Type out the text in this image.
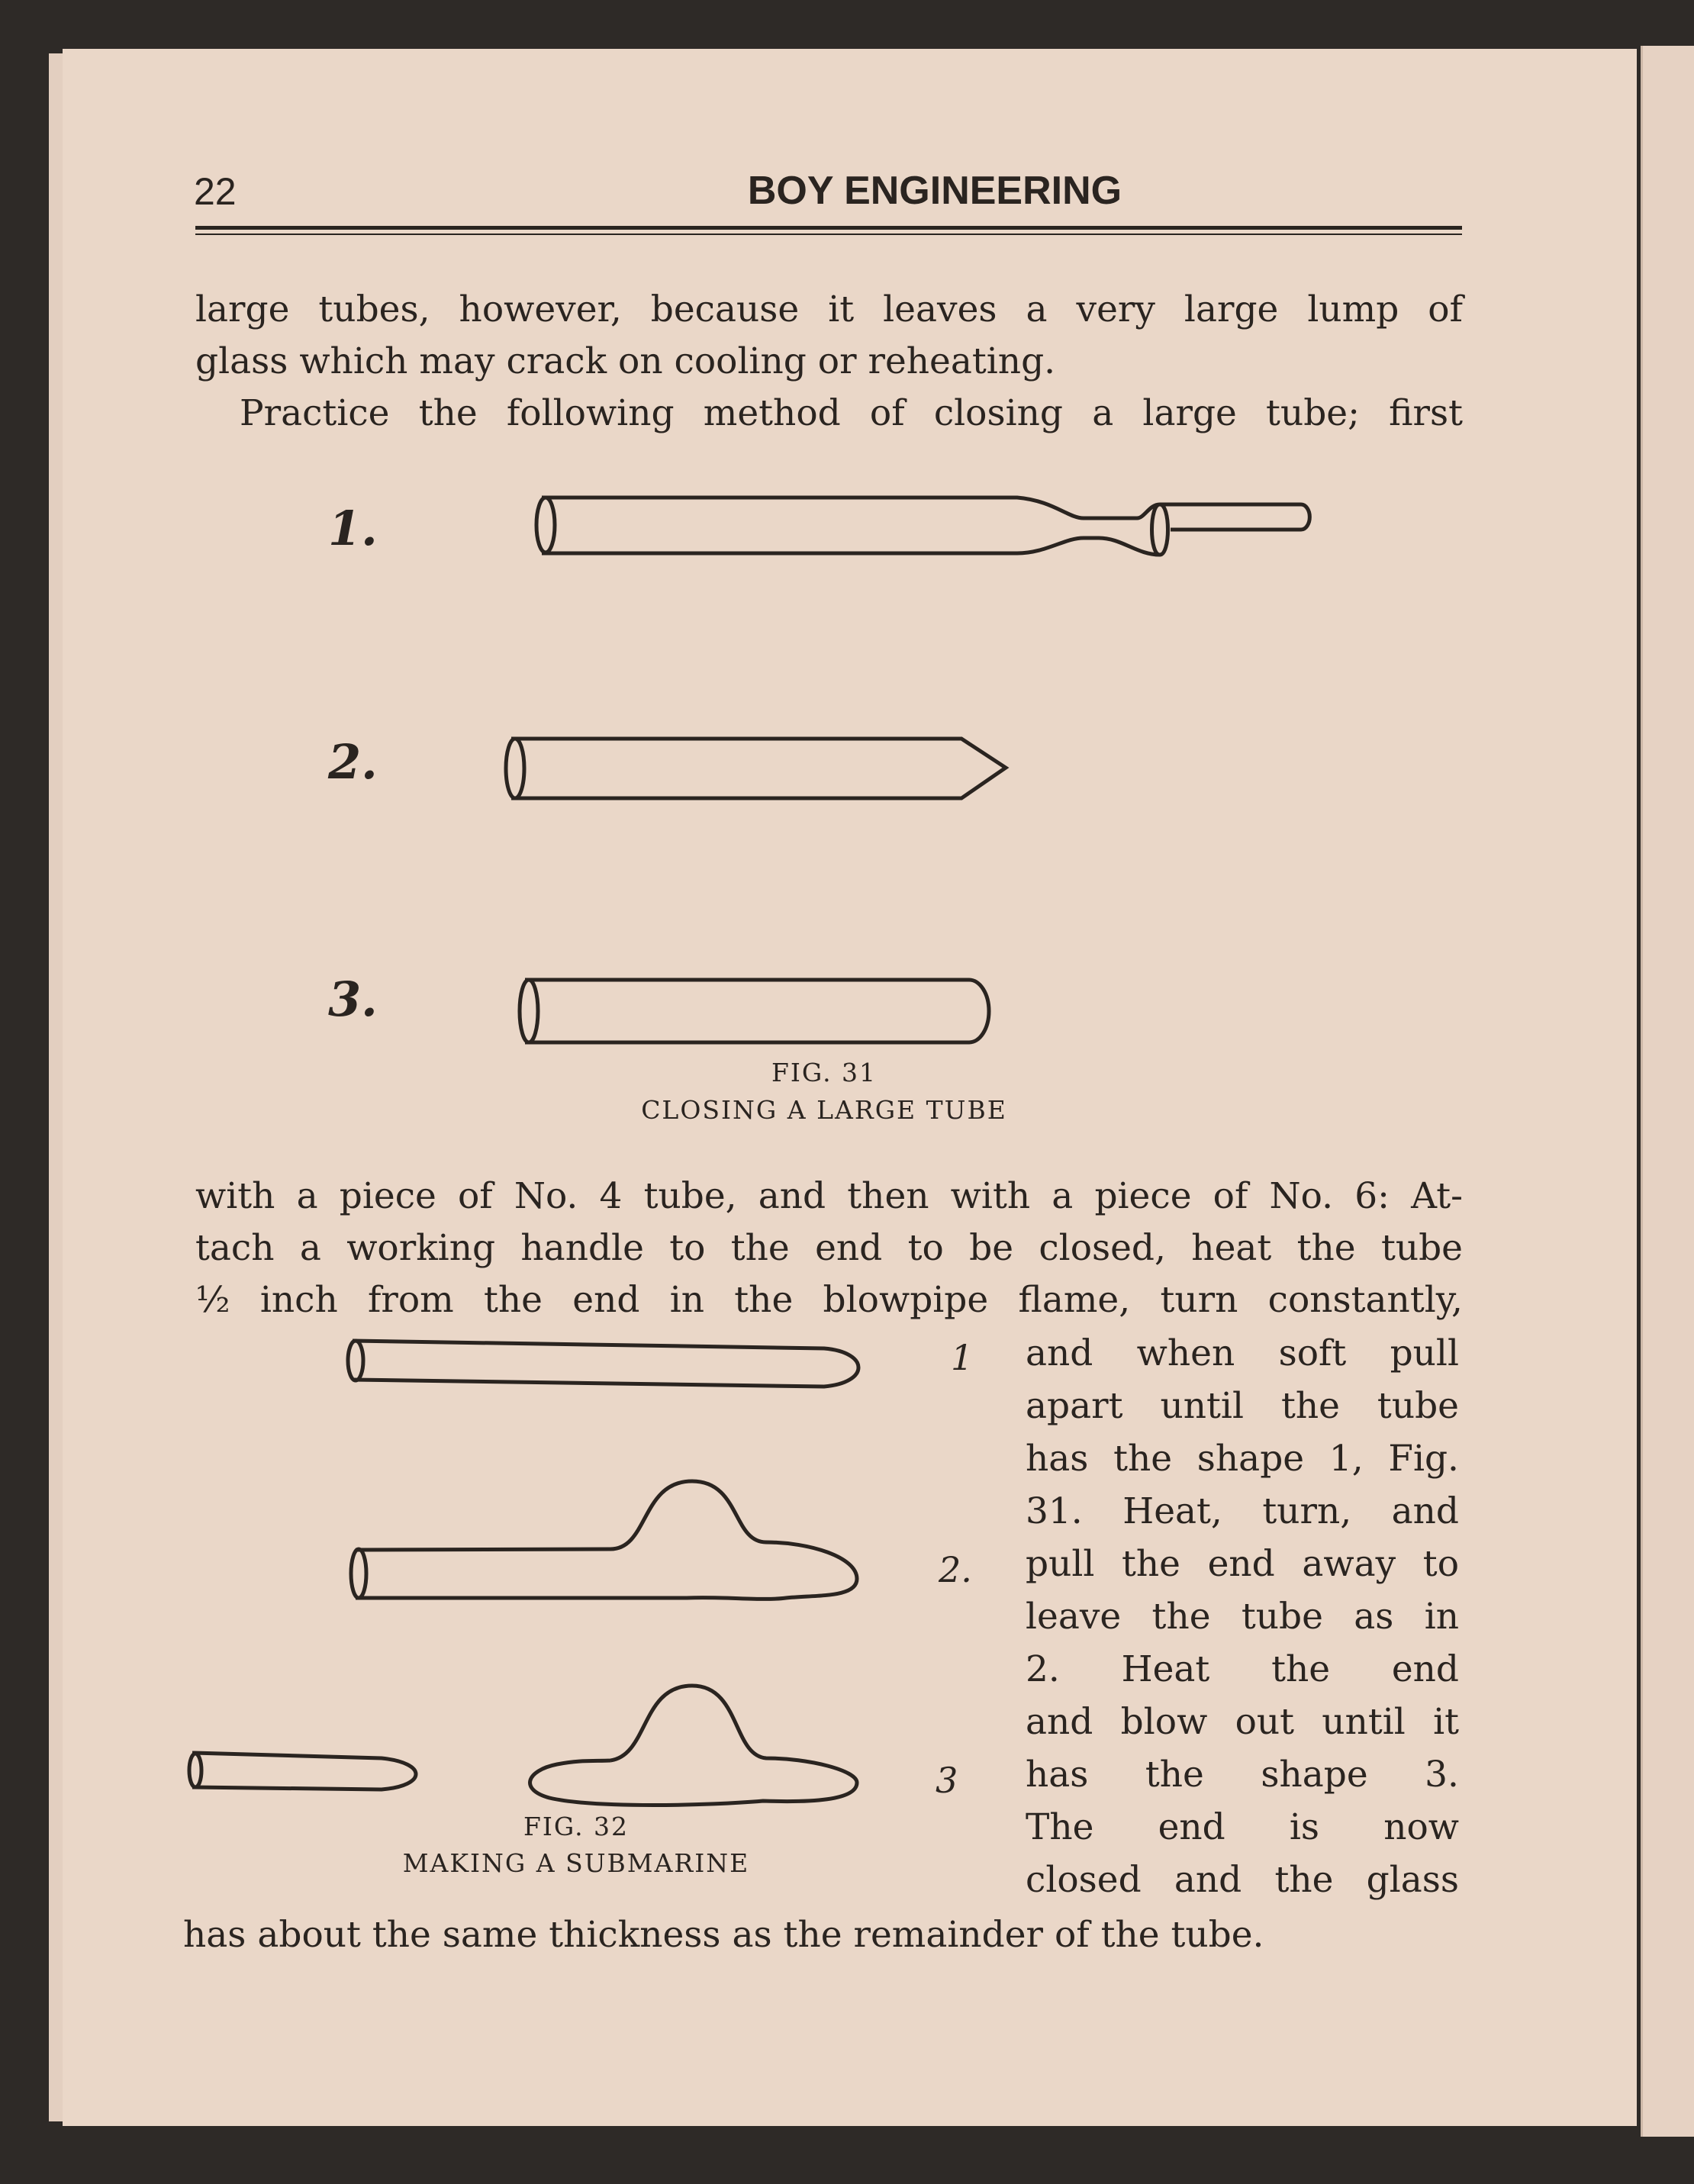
22	BOY ENGINEERING
large tubes, however, because it leaves a very large lump of
glass which may crack on cooling or reheating.
Practice the following method of closing a large tube; first
1.
2.
3.
FIG. 31
CLOSING A LARGE TUBE
with a piece of No. 4 tube, and then with a piece of No. 6: At-
tach a working handle to the end to be closed, heat the tube
½ inch from the end in the blowpipe flame, turn constantly,
and when soft pull
apart until the tube
has the shape 1, Fig.
31. Heat, turn, and
pull the end away to
leave the tube as in
2. Heat the end
and blow out until it
has the shape 3.
The end is now
closed and the glass
has about the same thickness as the remainder of the tube.
1
2.
3
FIG. 32
MAKING A SUBMARINE
